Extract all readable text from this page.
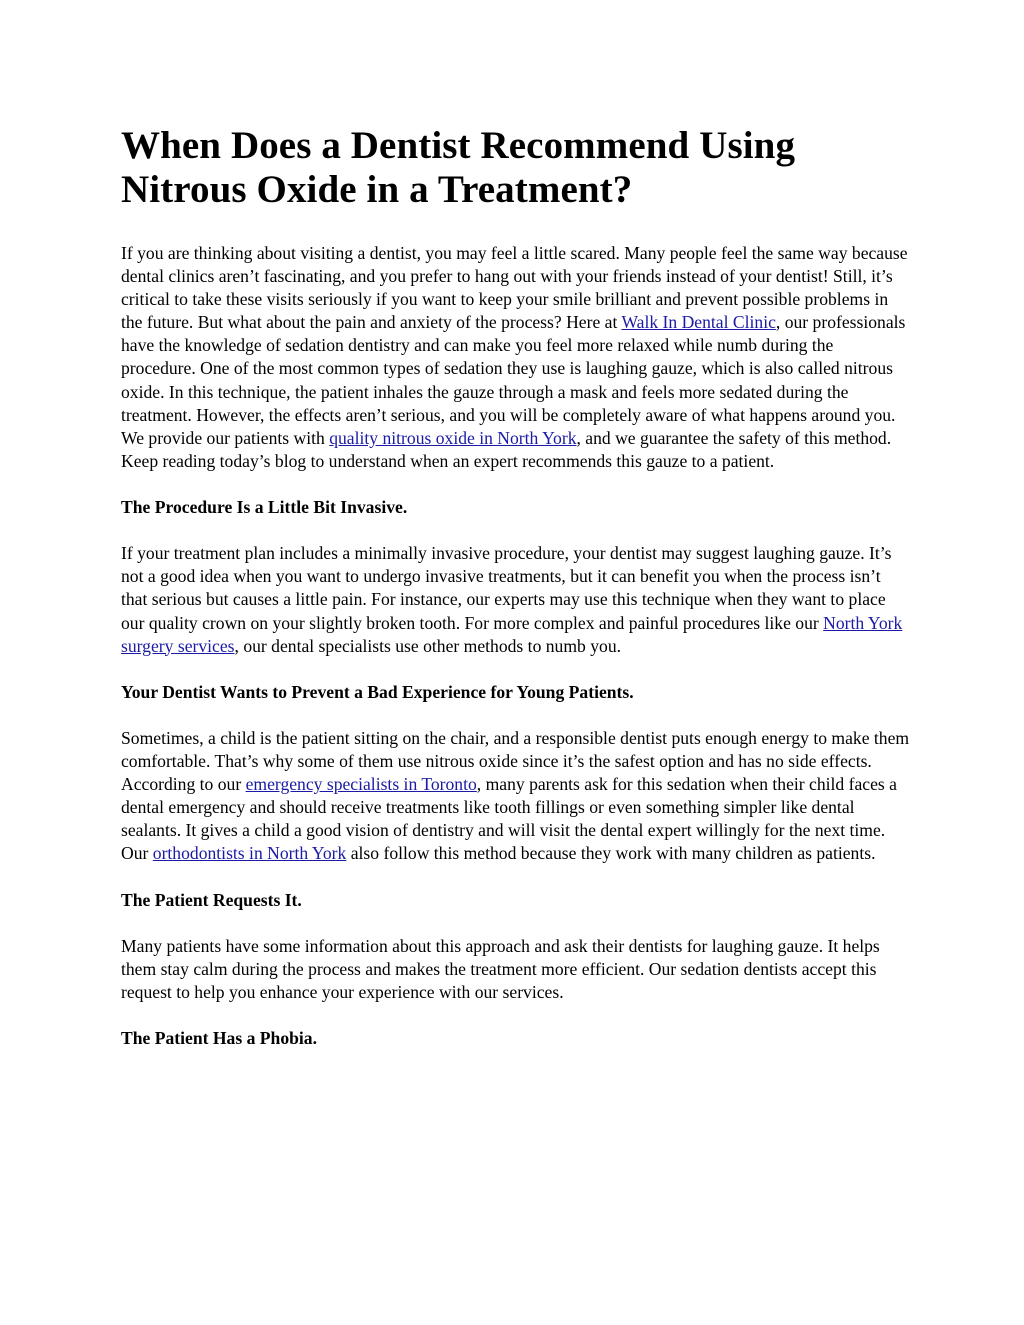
When Does a Dentist Recommend Using Nitrous Oxide in a Treatment?

If you are thinking about visiting a dentist, you may feel a little scared. Many people feel the same way because dental clinics aren’t fascinating, and you prefer to hang out with your friends instead of your dentist! Still, it’s critical to take these visits seriously if you want to keep your smile brilliant and prevent possible problems in the future. But what about the pain and anxiety of the process? Here at Walk In Dental Clinic, our professionals have the knowledge of sedation dentistry and can make you feel more relaxed while numb during the procedure. One of the most common types of sedation they use is laughing gauze, which is also called nitrous oxide. In this technique, the patient inhales the gauze through a mask and feels more sedated during the treatment. However, the effects aren’t serious, and you will be completely aware of what happens around you. We provide our patients with quality nitrous oxide in North York, and we guarantee the safety of this method. Keep reading today’s blog to understand when an expert recommends this gauze to a patient.

The Procedure Is a Little Bit Invasive.

If your treatment plan includes a minimally invasive procedure, your dentist may suggest laughing gauze. It’s not a good idea when you want to undergo invasive treatments, but it can benefit you when the process isn’t that serious but causes a little pain. For instance, our experts may use this technique when they want to place our quality crown on your slightly broken tooth. For more complex and painful procedures like our North York surgery services, our dental specialists use other methods to numb you.

Your Dentist Wants to Prevent a Bad Experience for Young Patients.

Sometimes, a child is the patient sitting on the chair, and a responsible dentist puts enough energy to make them comfortable. That’s why some of them use nitrous oxide since it’s the safest option and has no side effects. According to our emergency specialists in Toronto, many parents ask for this sedation when their child faces a dental emergency and should receive treatments like tooth fillings or even something simpler like dental sealants. It gives a child a good vision of dentistry and will visit the dental expert willingly for the next time. Our orthodontists in North York also follow this method because they work with many children as patients.

The Patient Requests It.

Many patients have some information about this approach and ask their dentists for laughing gauze. It helps them stay calm during the process and makes the treatment more efficient. Our sedation dentists accept this request to help you enhance your experience with our services.

The Patient Has a Phobia.
